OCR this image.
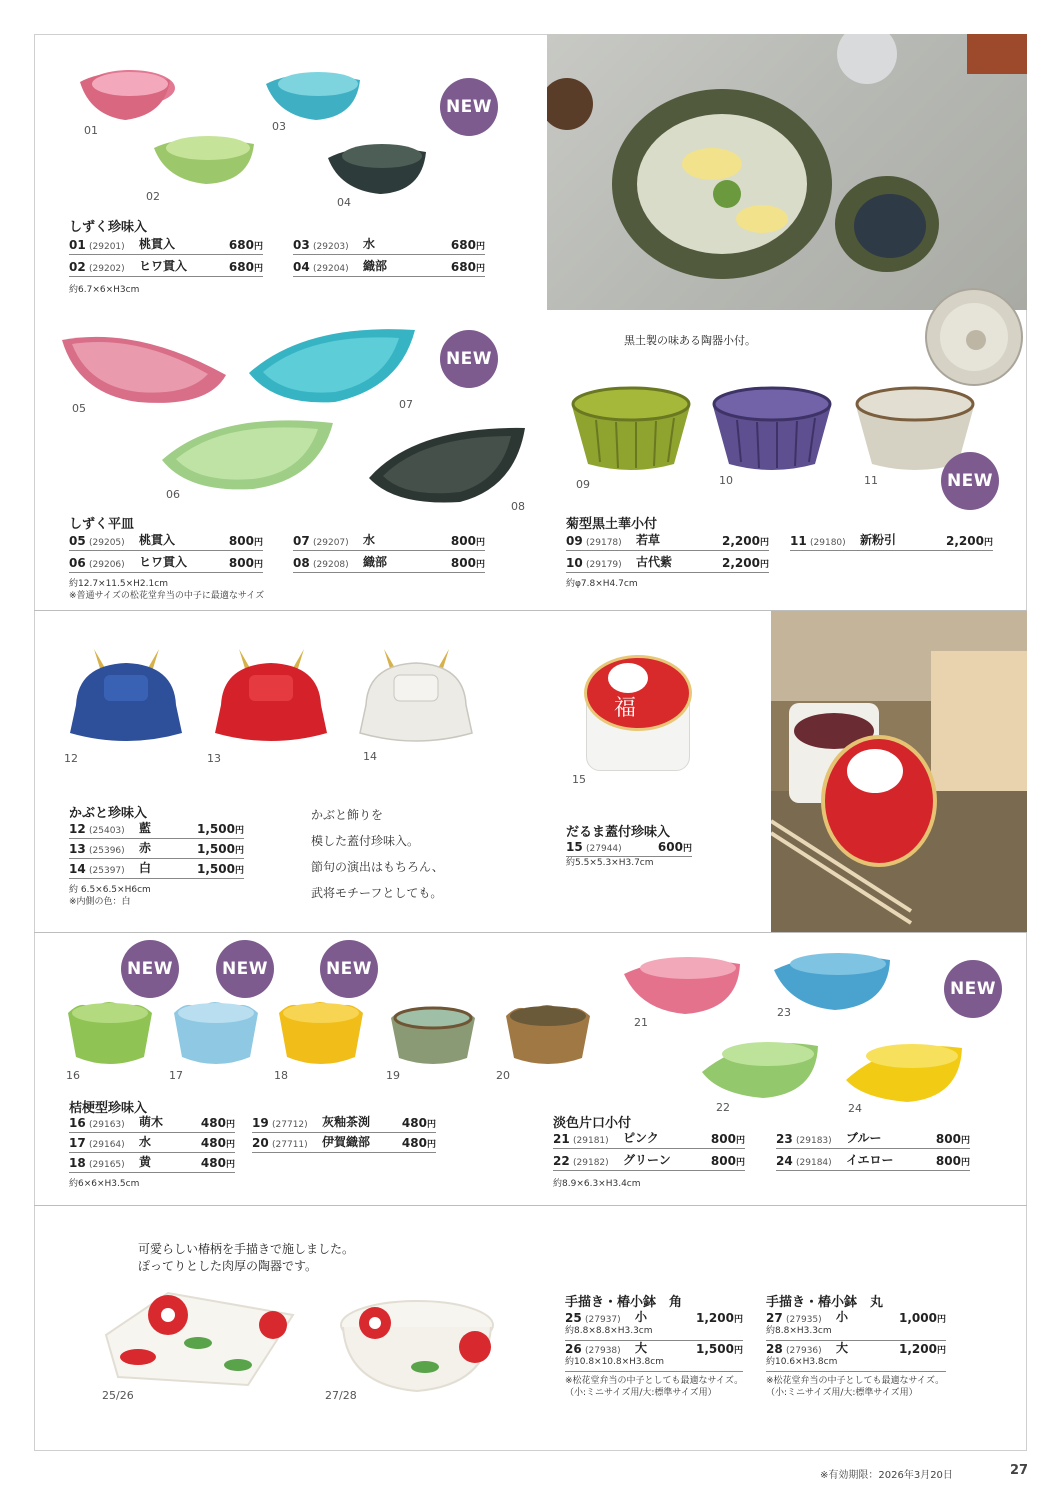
01	03
02	04
NEW
しずく珍味入
01 (29201)	桃貫入	680円
02 (29202)	ヒワ貫入	680円
03 (29203)	水	680円
04 (29204)	織部	680円
約6.7×6×H3cm
05	07
NEW
06
08
しずく平皿
05 (29205)	桃貫入	800円
06 (29206)	ヒワ貫入	800円
07 (29207)	水	800円
08 (29208)	織部	800円
約12.7×11.5×H2.1cm
※普通サイズの松花堂弁当の中子に最適なサイズ
黒土製の味ある陶器小付。
09	10	11	NEW
菊型黒土華小付
09 (29178)	若草	2,200円
10 (29179)	古代紫	2,200円
11 (29180)	新粉引	2,200円
約φ7.8×H4.7cm
12	13	14
かぶと珍味入
12 (25403)	藍	1,500円
13 (25396)	赤	1,500円
14 (25397)	白	1,500円
約 6.5×6.5×H6cm
※内側の色：白
かぶと飾りを
模した蓋付珍味入。
節句の演出はもちろん、
武将モチーフとしても。
福
15
だるま蓋付珍味入
15 (27944)	600円
約5.5×5.3×H3.7cm
NEW	NEW	NEW
16	17	18	19	20
桔梗型珍味入
16 (29163)	萌木	480円
17 (29164)	水	480円
18 (29165)	黄	480円
19 (27712)	灰釉茶渕	480円
20 (27711)	伊賀織部	480円
約6×6×H3.5cm
21
23
NEW
22	24
淡色片口小付
21 (29181)	ピンク	800円
22 (29182)	グリーン	800円
23 (29183)	ブルー	800円
24 (29184)	イエロー	800円
約8.9×6.3×H3.4cm
可愛らしい椿柄を手描きで施しました。
ぽってりとした肉厚の陶器です。
25/26	27/28
手描き・椿小鉢　角
25 (27937)	小	1,200円
約8.8×8.8×H3.3cm
26 (27938)	大	1,500円
約10.8×10.8×H3.8cm
※松花堂弁当の中子としても最適なサイズ。
（小:ミニサイズ用/大:標準サイズ用）
手描き・椿小鉢　丸
27 (27935)	小	1,000円
約8.8×H3.3cm
28 (27936)	大	1,200円
約10.6×H3.8cm
※松花堂弁当の中子としても最適なサイズ。
（小:ミニサイズ用/大:標準サイズ用）
※有効期限：2026年3月20日	27
